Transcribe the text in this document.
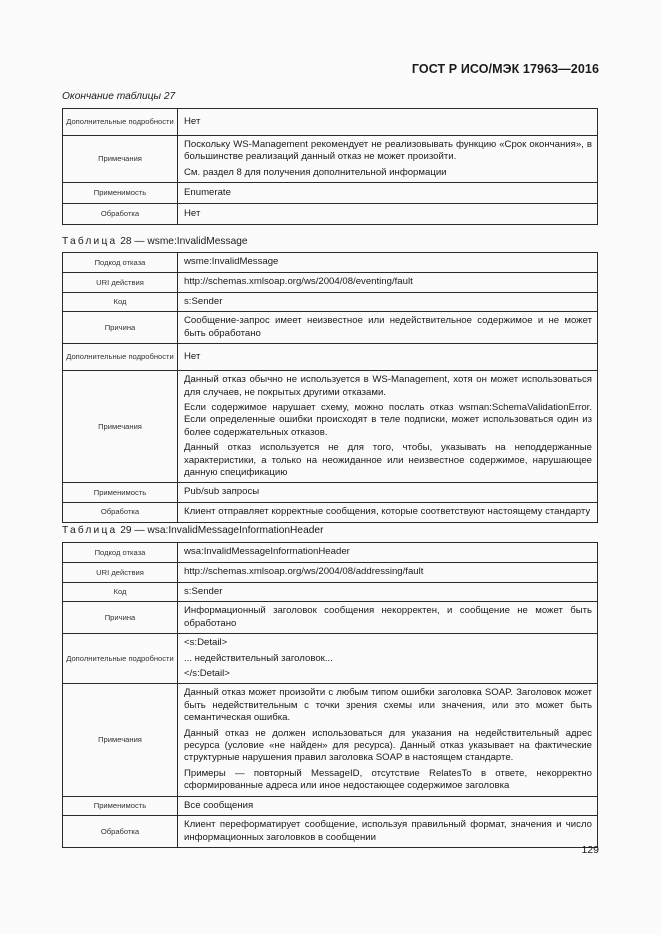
ГОСТ Р ИСО/МЭК 17963—2016
Окончание таблицы 27
Дополнительные подробности	Нет

Примечания	Поскольку WS-Management рекомендует не реализовывать функцию «Срок окончания», в большинстве реализаций данный отказ не может произойти.

См. раздел 8 для получения дополнительной информации

Применимость	Enumerate

Обработка	Нет

Таблица 28 — wsme:InvalidMessage
Подкод отказа	wsme:InvalidMessage

URI действия	http://schemas.xmlsoap.org/ws/2004/08/eventing/fault

Код	s:Sender

Причина	Сообщение-запрос имеет неизвестное или недействительное содержимое и не может быть обработано

Дополнительные подробности	Нет

Примечания	Данный отказ обычно не используется в WS-Management, хотя он может использоваться для случаев, не покрытых другими отказами.

Если содержимое нарушает схему, можно послать отказ wsman:SchemaValidationError. Если определенные ошибки происходят в теле подписки, может использоваться один из более содержательных отказов.

Данный отказ используется не для того, чтобы, указывать на неподдержанные характеристики, а только на неожиданное или неизвестное содержимое, нарушающее данную спецификацию

Применимость	Pub/sub запросы

Обработка	Клиент отправляет корректные сообщения, которые соответствуют настоящему стандарту

Таблица 29 — wsa:InvalidMessageInformationHeader
Подкод отказа	wsa:InvalidMessageInformationHeader

URI действия	http://schemas.xmlsoap.org/ws/2004/08/addressing/fault

Код	s:Sender

Причина	Информационный заголовок сообщения некорректен, и сообщение не может быть обработано

Дополнительные подробности	<s:Detail>

... недействительный заголовок...

</s:Detail>

Примечания	Данный отказ может произойти с любым типом ошибки заголовка SOAP. Заголовок может быть недействительным с точки зрения схемы или значения, или это может быть семантическая ошибка.

Данный отказ не должен использоваться для указания на недействительный адрес ресурса (условие «не найден» для ресурса). Данный отказ указывает на фактические структурные нарушения правил заголовка SOAP в настоящем стандарте.

Примеры — повторный MessageID, отсутствие RelatesTo в ответе, некорректно сформированные адреса или иное недостающее содержимое заголовка

Применимость	Все сообщения

Обработка	Клиент переформатирует сообщение, используя правильный формат, значения и число информационных заголовков в сообщении

129
